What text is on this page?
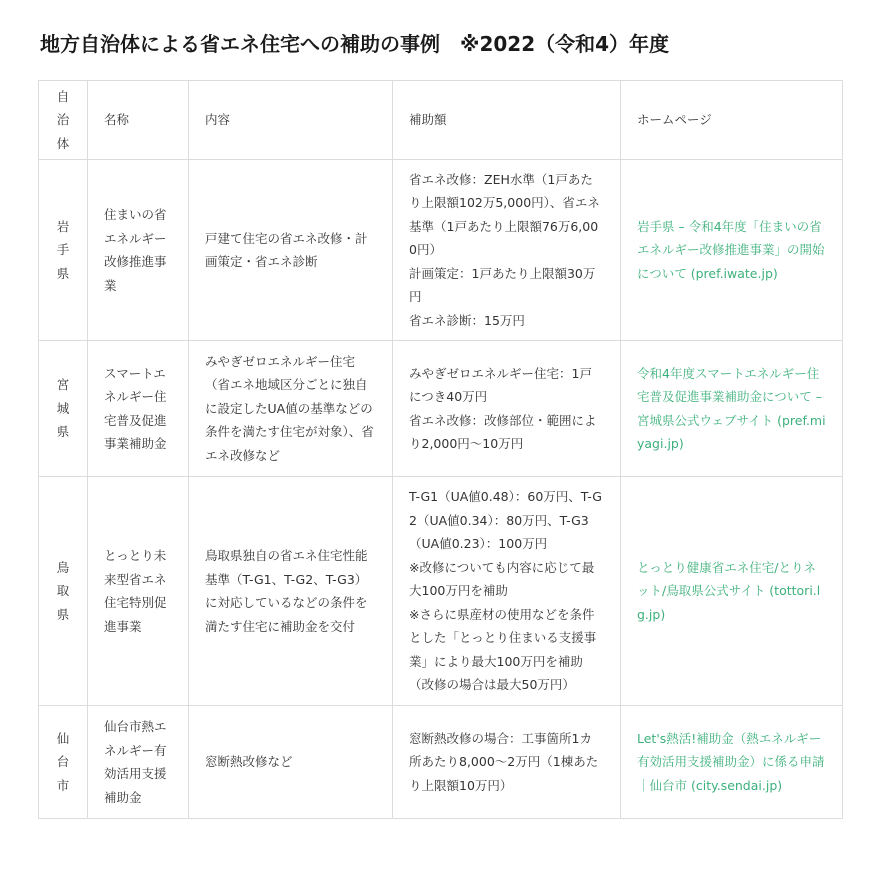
地方自治体による省エネ住宅への補助の事例　※2022（令和4）年度
自治体	名称	内容	補助額	ホームページ
岩手県	住まいの省エネルギー改修推進事業	戸建て住宅の省エネ改修・計画策定・省エネ診断	省エネ改修：ZEH水準（1戸あたり上限額102万5,000円）、省エネ基準（1戸あたり上限額76万6,000円）
計画策定：1戸あたり上限額30万円
省エネ診断：15万円	岩手県 – 令和4年度「住まいの省エネルギー改修推進事業」の開始について (pref.iwate.jp)
宮城県	スマートエネルギー住宅普及促進事業補助金	みやぎゼロエネルギー住宅（省エネ地域区分ごとに独自に設定したUA値の基準などの条件を満たす住宅が対象）、省エネ改修など	みやぎゼロエネルギー住宅：1戸につき40万円
省エネ改修：改修部位・範囲により2,000円〜10万円	令和4年度スマートエネルギー住宅普及促進事業補助金について – 宮城県公式ウェブサイト (pref.miyagi.jp)
鳥取県	とっとり未来型省エネ住宅特別促進事業	鳥取県独自の省エネ住宅性能基準（T-G1、T-G2、T-G3）に対応しているなどの条件を満たす住宅に補助金を交付	T-G1（UA値0.48）：60万円、T-G2（UA値0.34）：80万円、T-G3（UA値0.23）：100万円
※改修についても内容に応じて最大100万円を補助
※さらに県産材の使用などを条件とした「とっとり住まいる支援事業」により最大100万円を補助（改修の場合は最大50万円）	とっとり健康省エネ住宅/とりネット/鳥取県公式サイト (tottori.lg.jp)
仙台市	仙台市熱エネルギー有効活用支援補助金	窓断熱改修など	窓断熱改修の場合：工事箇所1カ所あたり8,000〜2万円（1棟あたり上限額10万円）	Let's熱活!補助金（熱エネルギー有効活用支援補助金）に係る申請｜仙台市 (city.sendai.jp)
